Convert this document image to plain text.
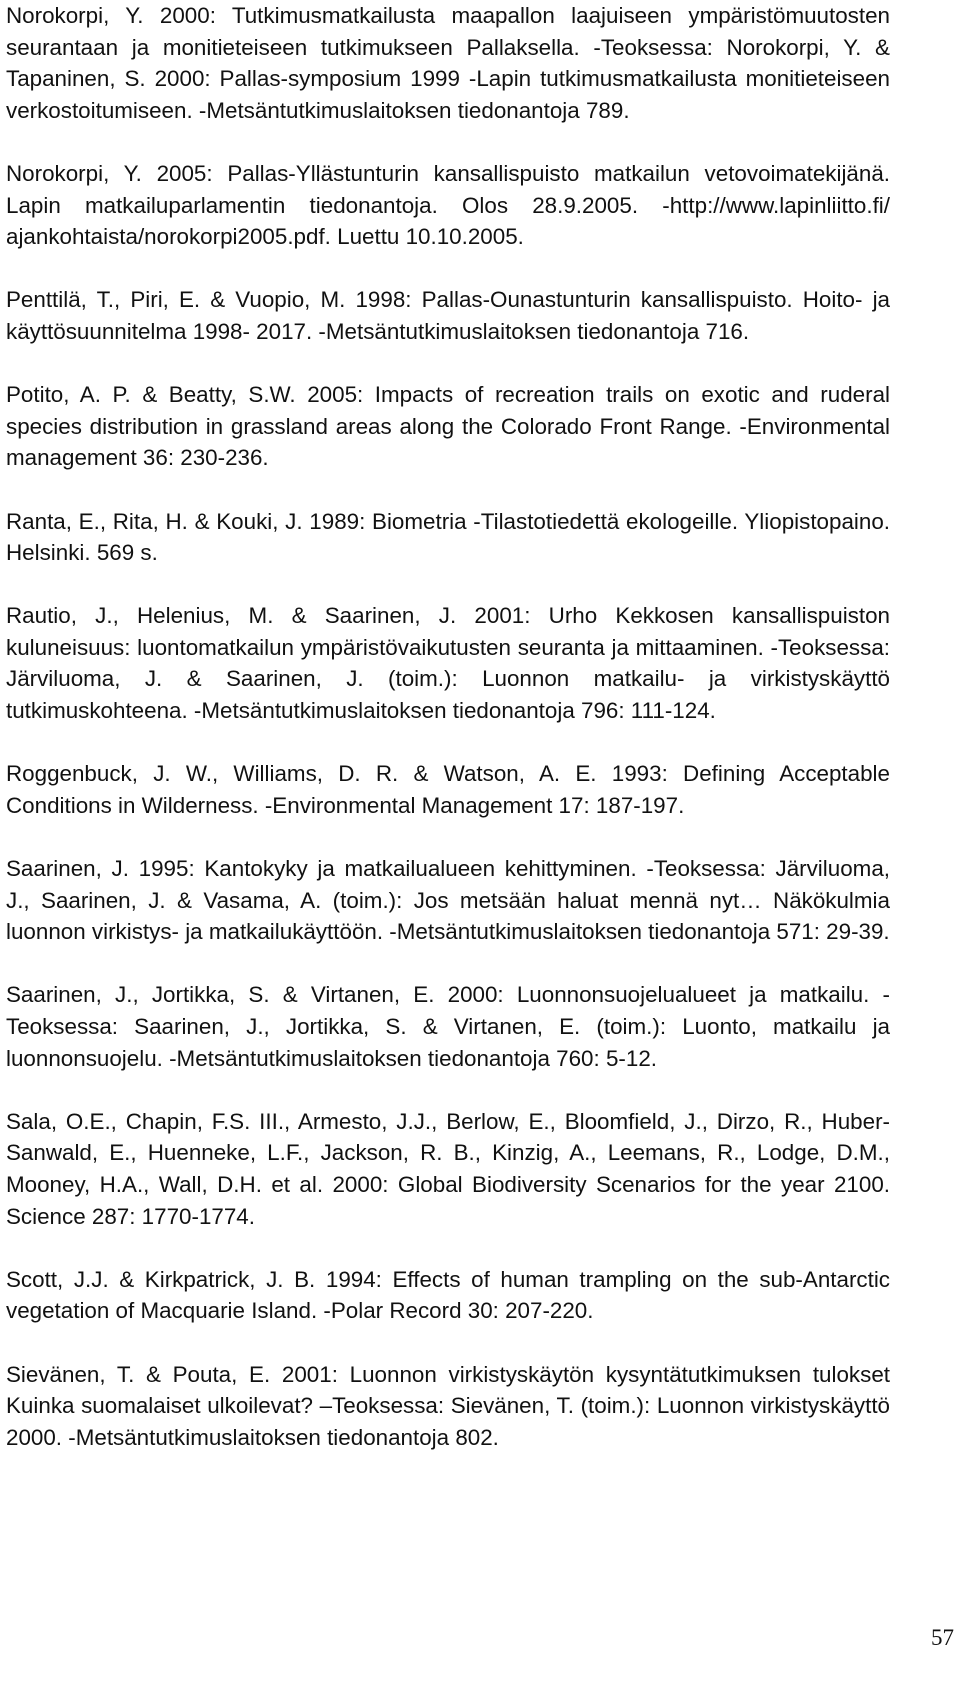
Norokorpi, Y. 2000: Tutkimusmatkailusta maapallon laajuiseen ympäristömuutosten seurantaan ja monitieteiseen tutkimukseen Pallaksella. -Teoksessa: Norokorpi, Y. & Tapaninen, S. 2000: Pallas-symposium 1999 -Lapin tutkimusmatkailusta monitieteiseen verkostoitumiseen. -Metsäntutkimuslaitoksen tiedonantoja 789.
Norokorpi, Y. 2005: Pallas-Yllästunturin kansallispuisto matkailun vetovoimatekijänä. Lapin matkailuparlamentin tiedonantoja. Olos 28.9.2005. -http://www.lapinliitto.fi/ ajankohtaista/norokorpi2005.pdf. Luettu 10.10.2005.
Penttilä, T., Piri, E. & Vuopio, M. 1998: Pallas-Ounastunturin kansallispuisto. Hoito- ja käyttösuunnitelma 1998- 2017. -Metsäntutkimuslaitoksen tiedonantoja 716.
Potito, A. P. & Beatty, S.W. 2005: Impacts of recreation trails on exotic and ruderal species distribution in grassland areas along the Colorado Front Range. -Environmental management 36: 230-236.
Ranta, E., Rita, H. & Kouki, J. 1989: Biometria -Tilastotiedettä ekologeille. Yliopistopaino. Helsinki. 569 s.
Rautio, J., Helenius, M. & Saarinen, J. 2001: Urho Kekkosen kansallispuiston kuluneisuus: luontomatkailun ympäristövaikutusten seuranta ja mittaaminen. -Teoksessa: Järviluoma, J. & Saarinen, J. (toim.): Luonnon matkailu- ja virkistyskäyttö tutkimuskohteena. -Metsäntutkimuslaitoksen tiedonantoja 796: 111-124.
Roggenbuck, J. W., Williams, D. R. & Watson, A. E. 1993: Defining Acceptable Conditions in Wilderness. -Environmental Management 17: 187-197.
Saarinen, J. 1995: Kantokyky ja matkailualueen kehittyminen. -Teoksessa: Järviluoma, J., Saarinen, J. & Vasama, A. (toim.): Jos metsään haluat mennä nyt… Näkökulmia luonnon virkistys- ja matkailukäyttöön. -Metsäntutkimuslaitoksen tiedonantoja 571: 29-39.
Saarinen, J., Jortikka, S. & Virtanen, E. 2000: Luonnonsuojelualueet ja matkailu. -Teoksessa: Saarinen, J., Jortikka, S. & Virtanen, E. (toim.): Luonto, matkailu ja luonnonsuojelu. -Metsäntutkimuslaitoksen tiedonantoja 760: 5-12.
Sala, O.E., Chapin, F.S. III., Armesto, J.J., Berlow, E., Bloomfield, J., Dirzo, R., Huber-Sanwald, E., Huenneke, L.F., Jackson, R. B., Kinzig, A., Leemans, R., Lodge, D.M., Mooney, H.A., Wall, D.H. et al. 2000: Global Biodiversity Scenarios for the year 2100. Science 287: 1770-1774.
Scott, J.J. & Kirkpatrick, J. B. 1994: Effects of human trampling on the sub-Antarctic vegetation of Macquarie Island. -Polar Record 30: 207-220.
Sievänen, T. & Pouta, E. 2001: Luonnon virkistyskäytön kysyntätutkimuksen tulokset Kuinka suomalaiset ulkoilevat? –Teoksessa: Sievänen, T. (toim.): Luonnon virkistyskäyttö 2000. -Metsäntutkimuslaitoksen tiedonantoja 802.
57
